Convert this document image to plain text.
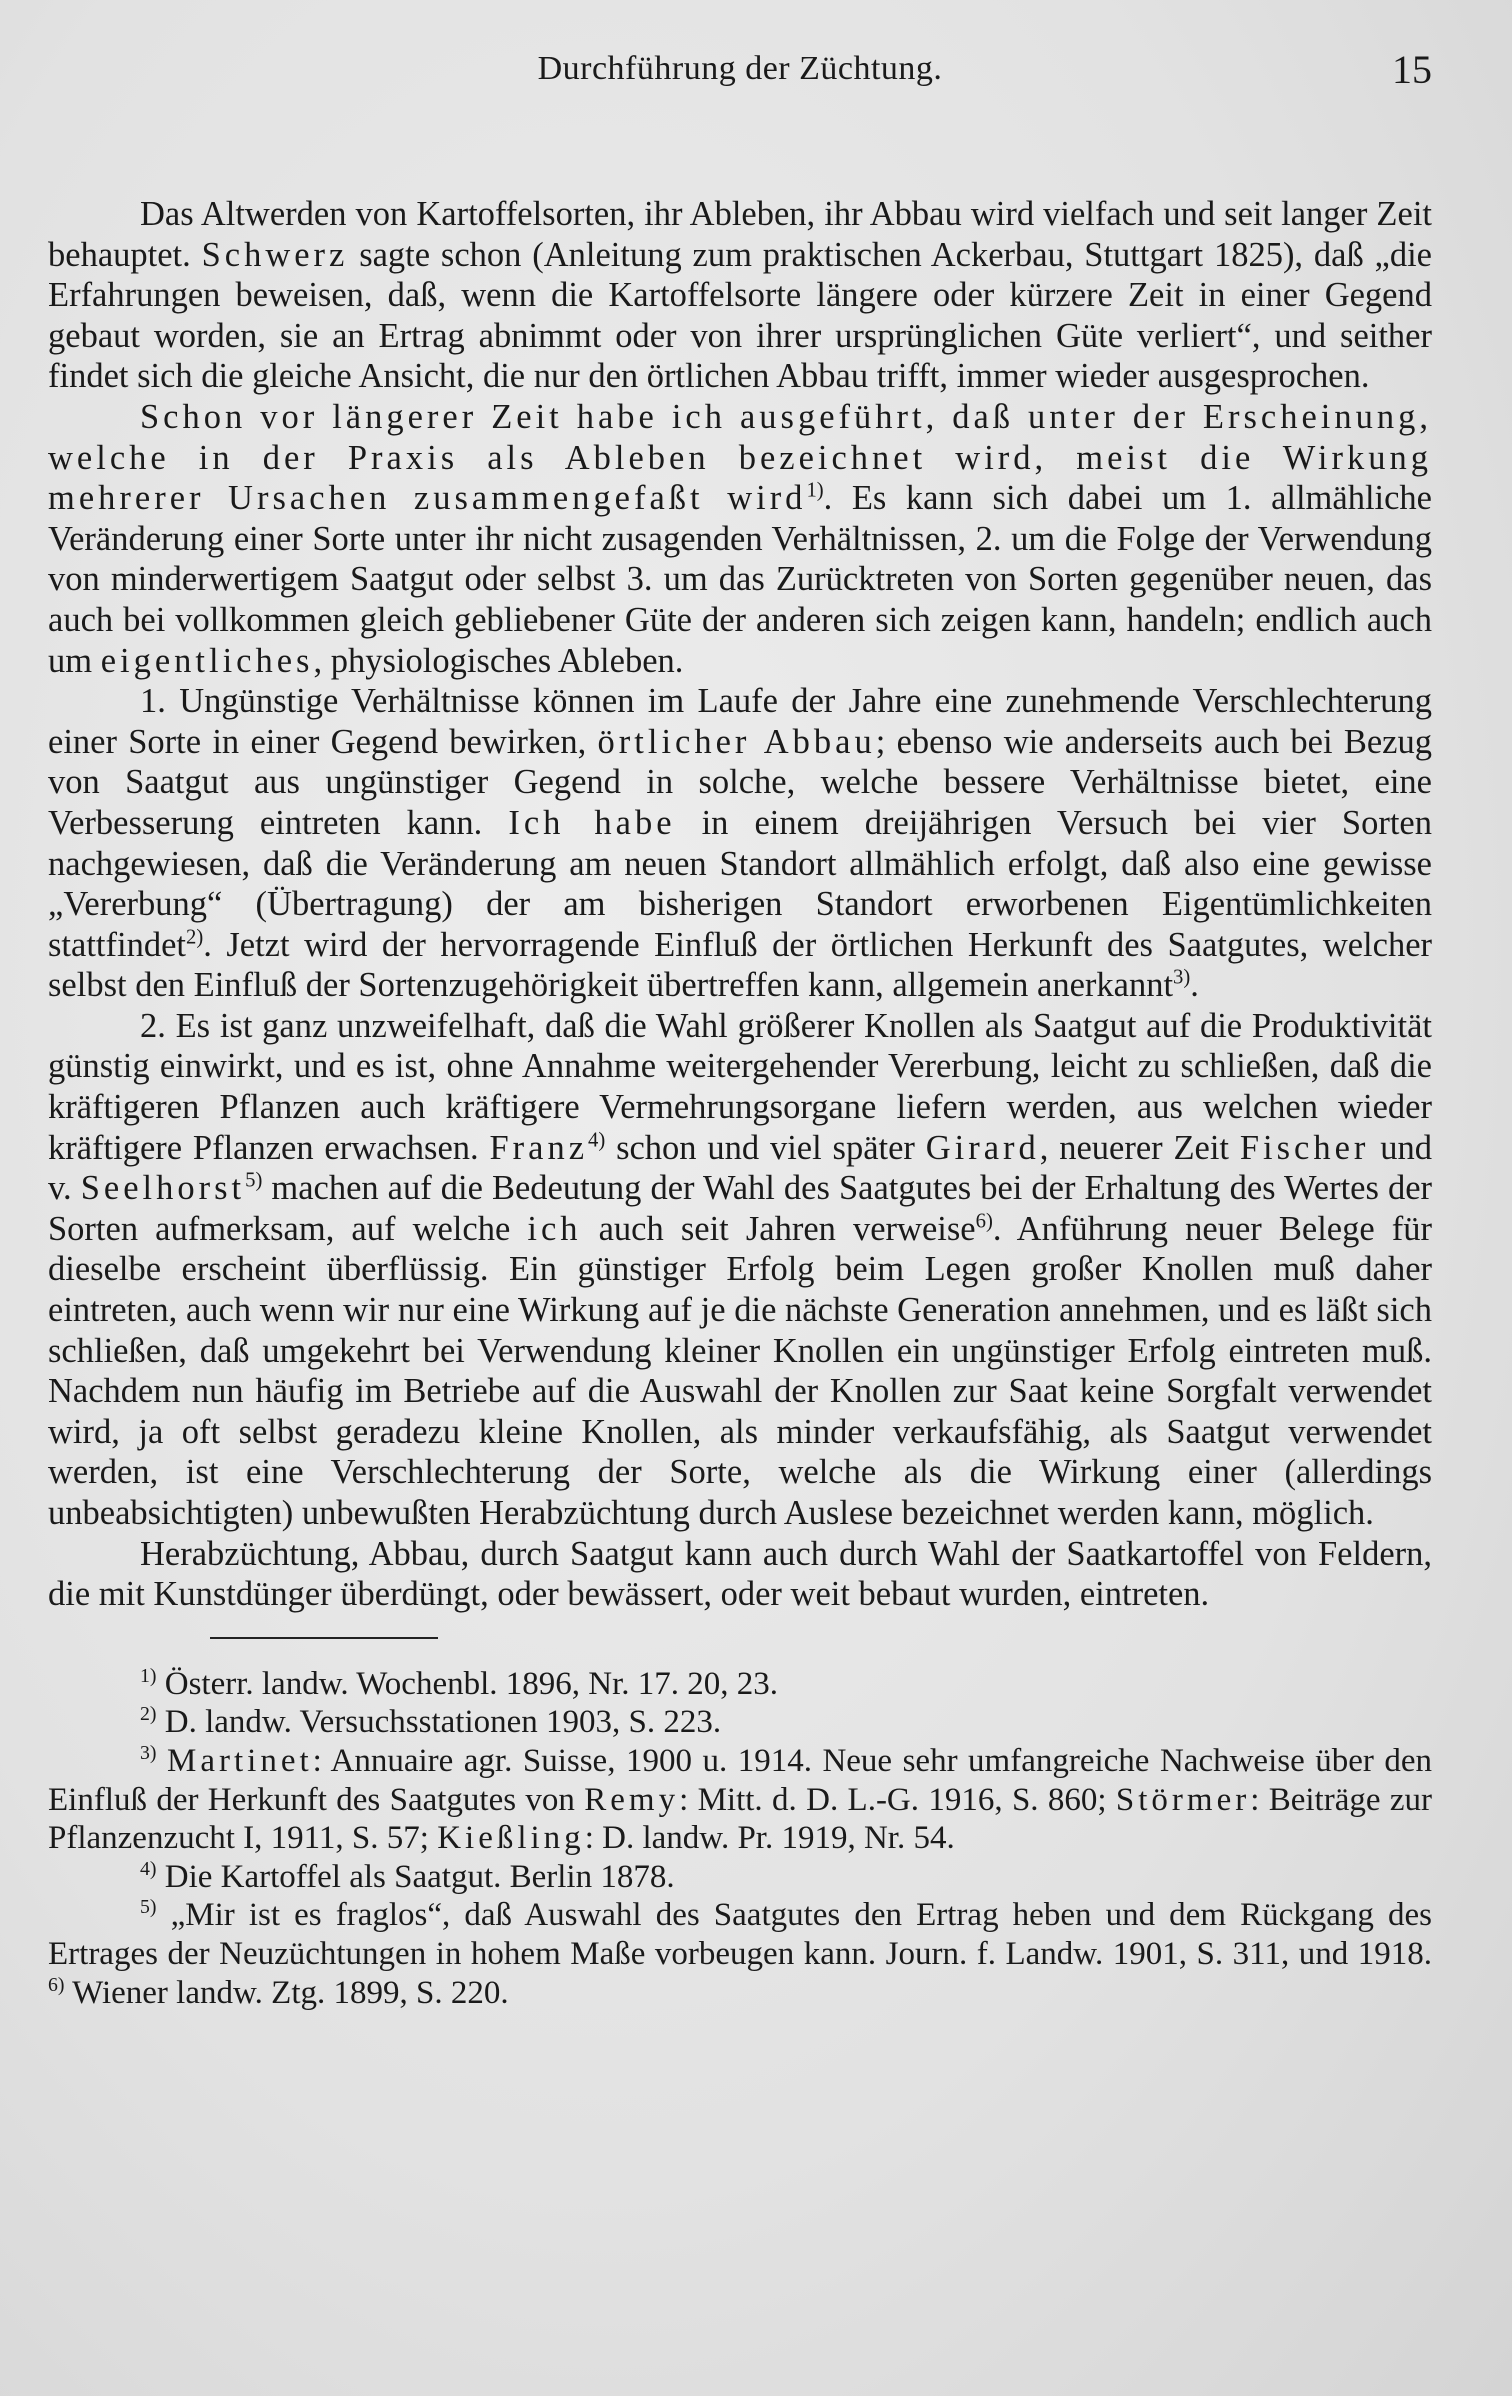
Durchführung der Züchtung.	15

Das Altwerden von Kartoffelsorten, ihr Ableben, ihr Abbau wird vielfach und seit langer Zeit behauptet. Schwerz sagte schon (Anleitung zum praktischen Ackerbau, Stuttgart 1825), daß „die Erfahrungen beweisen, daß, wenn die Kartoffelsorte längere oder kürzere Zeit in einer Gegend gebaut worden, sie an Ertrag abnimmt oder von ihrer ursprünglichen Güte verliert“, und seither findet sich die gleiche Ansicht, die nur den örtlichen Abbau trifft, immer wieder ausgesprochen.

Schon vor längerer Zeit habe ich ausgeführt, daß unter der Erscheinung, welche in der Praxis als Ableben bezeichnet wird, meist die Wirkung mehrerer Ursachen zusammengefaßt wird$^{1)}$. Es kann sich dabei um 1. allmähliche Veränderung einer Sorte unter ihr nicht zusagenden Verhältnissen, 2. um die Folge der Verwendung von minderwertigem Saatgut oder selbst 3. um das Zurücktreten von Sorten gegenüber neuen, das auch bei vollkommen gleich gebliebener Güte der anderen sich zeigen kann, handeln; endlich auch um eigentliches, physiologisches Ableben.

1. Ungünstige Verhältnisse können im Laufe der Jahre eine zunehmende Verschlechterung einer Sorte in einer Gegend bewirken, örtlicher Abbau; ebenso wie anderseits auch bei Bezug von Saatgut aus ungünstiger Gegend in solche, welche bessere Verhältnisse bietet, eine Verbesserung eintreten kann. Ich habe in einem dreijährigen Versuch bei vier Sorten nachgewiesen, daß die Veränderung am neuen Standort allmählich erfolgt, daß also eine gewisse „Vererbung“ (Übertragung) der am bisherigen Standort erworbenen Eigentümlichkeiten stattfindet$^{2)}$. Jetzt wird der hervorragende Einfluß der örtlichen Herkunft des Saatgutes, welcher selbst den Einfluß der Sortenzugehörigkeit übertreffen kann, allgemein anerkannt$^{3)}$.

2. Es ist ganz unzweifelhaft, daß die Wahl größerer Knollen als Saatgut auf die Produktivität günstig einwirkt, und es ist, ohne Annahme weitergehender Vererbung, leicht zu schließen, daß die kräftigeren Pflanzen auch kräftigere Vermehrungsorgane liefern werden, aus welchen wieder kräftigere Pflanzen erwachsen. Franz$^{4)}$ schon und viel später Girard, neuerer Zeit Fischer und v. Seelhorst$^{5)}$ machen auf die Bedeutung der Wahl des Saatgutes bei der Erhaltung des Wertes der Sorten aufmerksam, auf welche ich auch seit Jahren verweise$^{6)}$. Anführung neuer Belege für dieselbe erscheint überflüssig. Ein günstiger Erfolg beim Legen großer Knollen muß daher eintreten, auch wenn wir nur eine Wirkung auf je die nächste Generation annehmen, und es läßt sich schließen, daß umgekehrt bei Verwendung kleiner Knollen ein ungünstiger Erfolg eintreten muß. Nachdem nun häufig im Betriebe auf die Auswahl der Knollen zur Saat keine Sorgfalt verwendet wird, ja oft selbst geradezu kleine Knollen, als minder verkaufsfähig, als Saatgut verwendet werden, ist eine Verschlechterung der Sorte, welche als die Wirkung einer (allerdings unbeabsichtigten) unbewußten Herabzüchtung durch Auslese bezeichnet werden kann, möglich.

Herabzüchtung, Abbau, durch Saatgut kann auch durch Wahl der Saatkartoffel von Feldern, die mit Kunstdünger überdüngt, oder bewässert, oder weit bebaut wurden, eintreten.

$^{1)}$ Österr. landw. Wochenbl. 1896, Nr. 17. 20, 23.

$^{2)}$ D. landw. Versuchsstationen 1903, S. 223.

$^{3)}$ Martinet: Annuaire agr. Suisse, 1900 u. 1914. Neue sehr umfangreiche Nachweise über den Einfluß der Herkunft des Saatgutes von Remy: Mitt. d. D. L.-G. 1916, S. 860; Störmer: Beiträge zur Pflanzenzucht I, 1911, S. 57; Kießling: D. landw. Pr. 1919, Nr. 54.

$^{4)}$ Die Kartoffel als Saatgut. Berlin 1878.

$^{5)}$ „Mir ist es fraglos“, daß Auswahl des Saatgutes den Ertrag heben und dem Rückgang des Ertrages der Neuzüchtungen in hohem Maße vorbeugen kann. Journ. f. Landw. 1901, S. 311, und 1918. $^{6)}$ Wiener landw. Ztg. 1899, S. 220.
